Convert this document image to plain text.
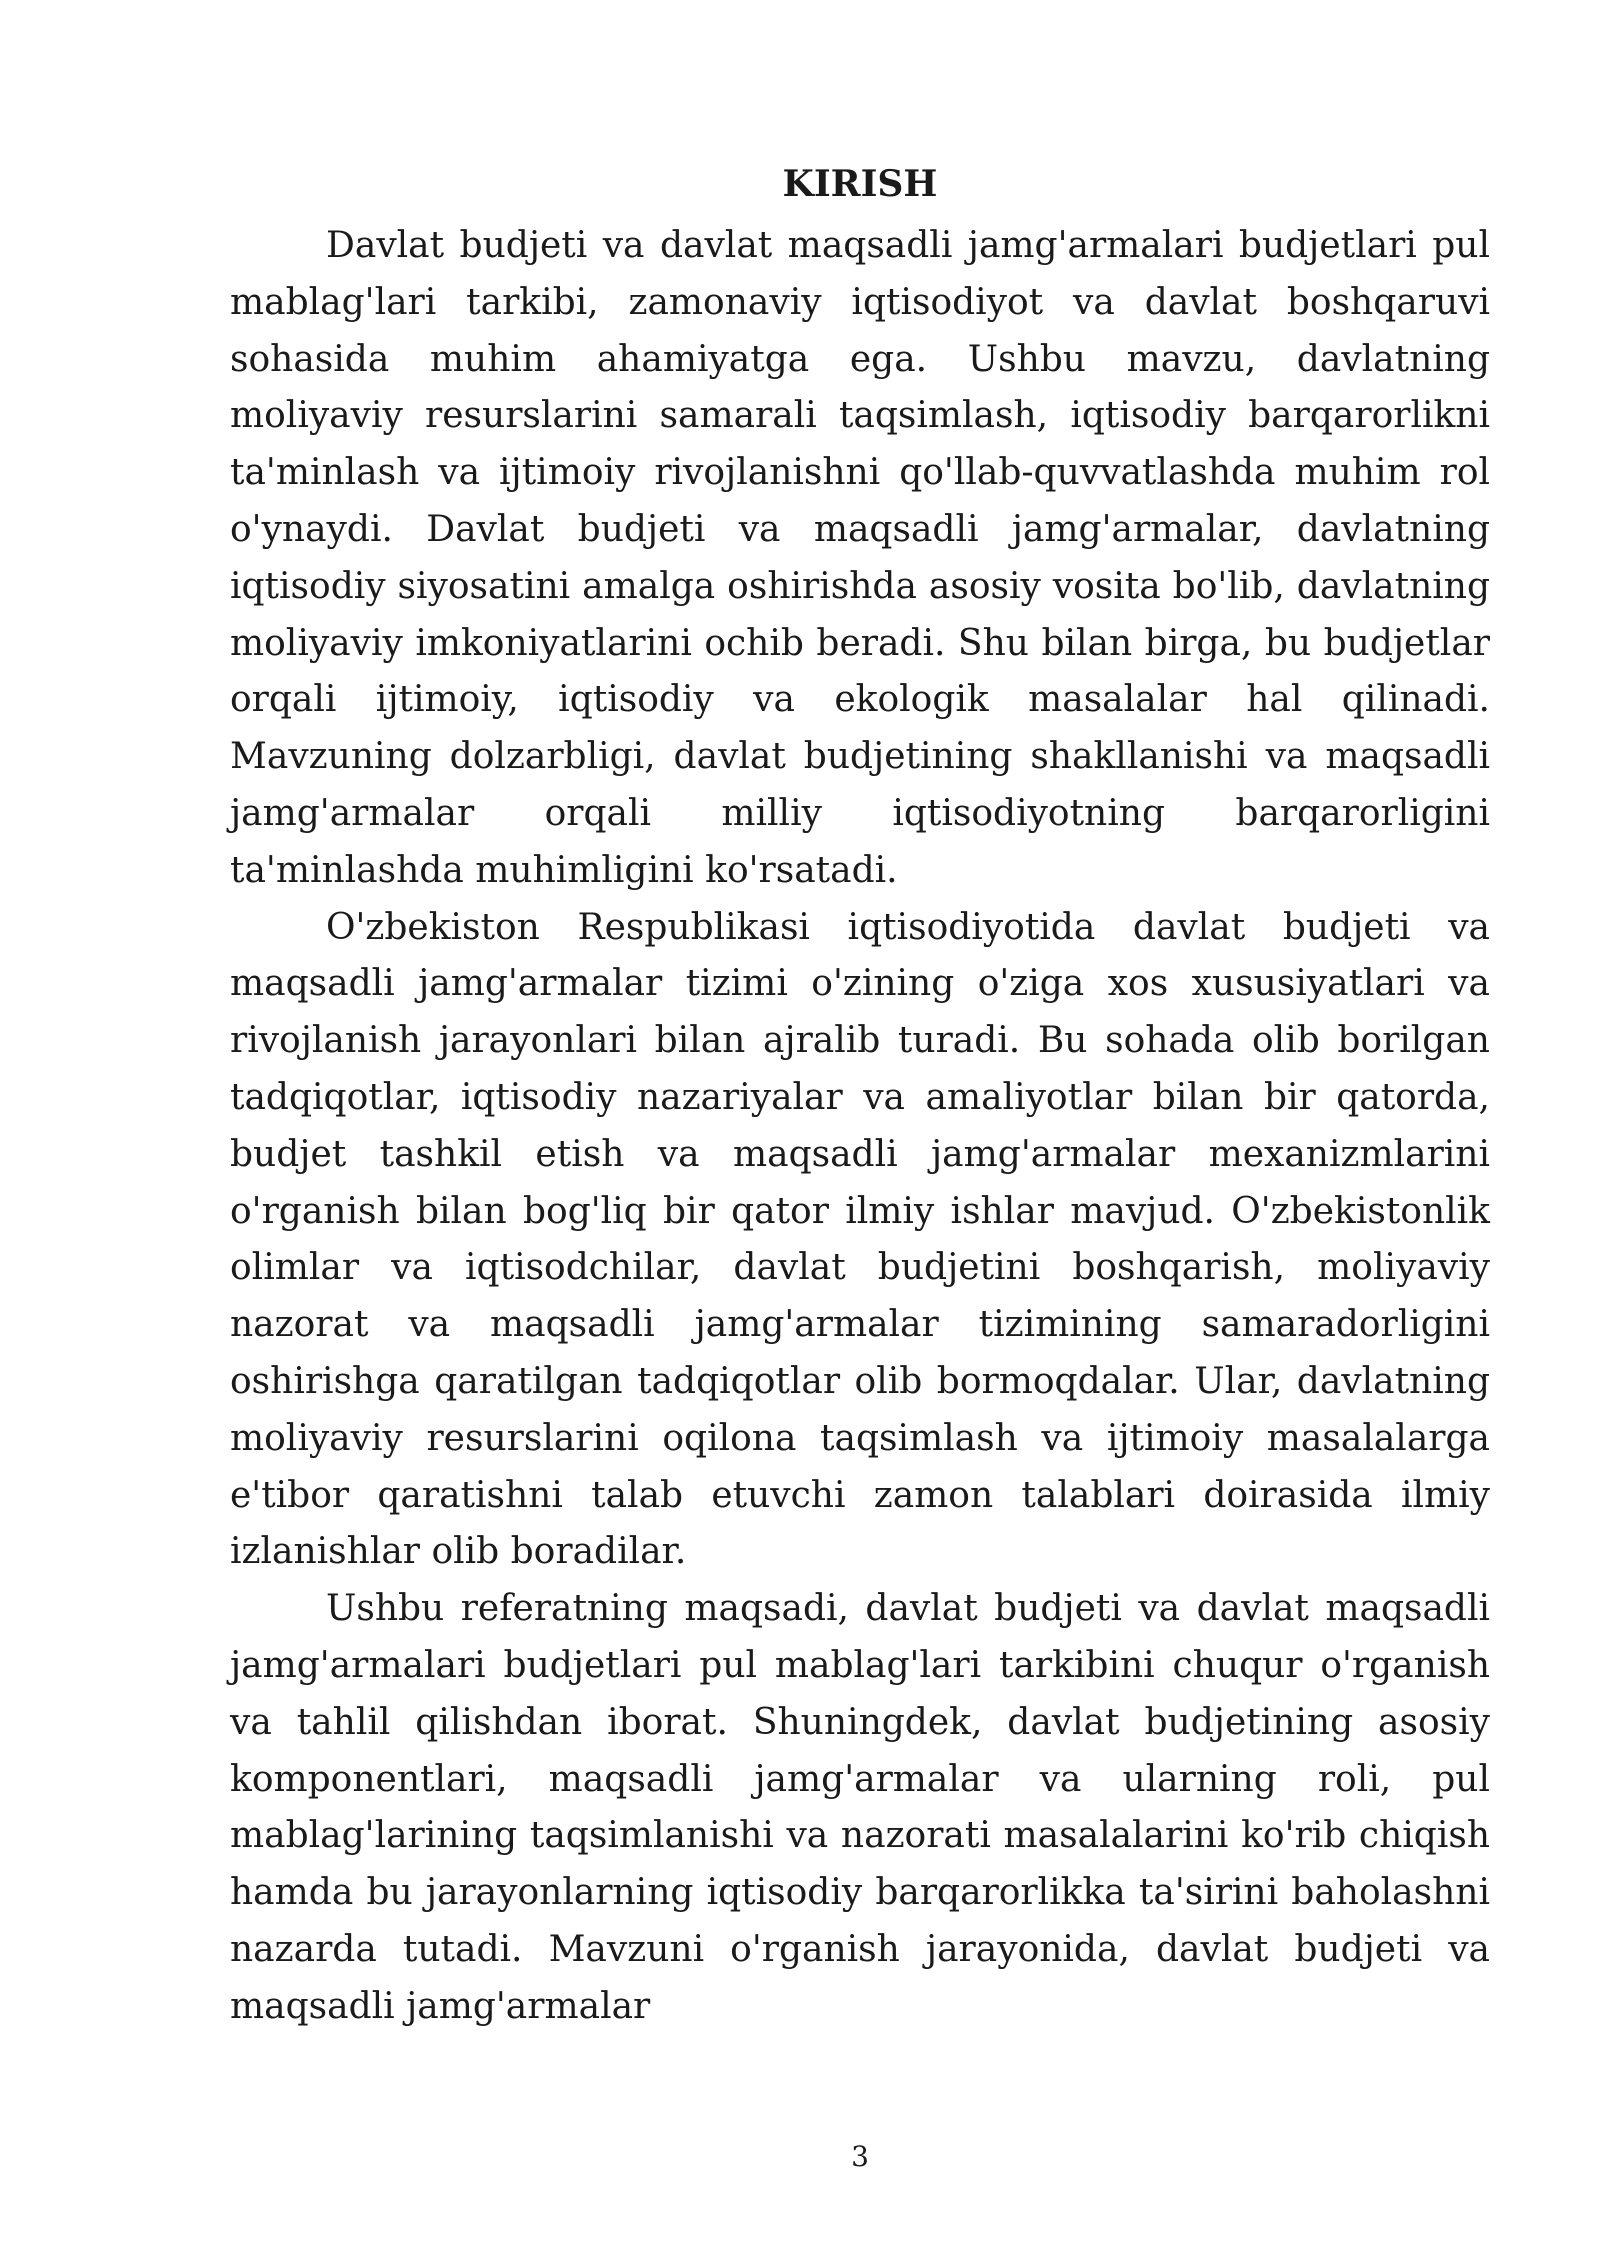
KIRISH

Davlat budjeti va davlat maqsadli jamg'armalari budjetlari pul mablag'lari tarkibi, zamonaviy iqtisodiyot va davlat boshqaruvi sohasida muhim ahamiyatga ega. Ushbu mavzu, davlatning moliyaviy resurslarini samarali taqsimlash, iqtisodiy barqarorlikni ta'minlash va ijtimoiy rivojlanishni qo'llab-quvvatlashda muhim rol o'ynaydi. Davlat budjeti va maqsadli jamg'armalar, davlatning iqtisodiy siyosatini amalga oshirishda asosiy vosita bo'lib, davlatning moliyaviy imkoniyatlarini ochib beradi. Shu bilan birga, bu budjetlar orqali ijtimoiy, iqtisodiy va ekologik masalalar hal qilinadi. Mavzuning dolzarbligi, davlat budjetining shakllanishi va maqsadli jamg'armalar orqali milliy iqtisodiyotning barqarorligini ta'minlashda muhimligini ko'rsatadi.

O'zbekiston Respublikasi iqtisodiyotida davlat budjeti va maqsadli jamg'armalar tizimi o'zining o'ziga xos xususiyatlari va rivojlanish jarayonlari bilan ajralib turadi. Bu sohada olib borilgan tadqiqotlar, iqtisodiy nazariyalar va amaliyotlar bilan bir qatorda, budjet tashkil etish va maqsadli jamg'armalar mexanizmlarini o'rganish bilan bog'liq bir qator ilmiy ishlar mavjud. O'zbekistonlik olimlar va iqtisodchilar, davlat budjetini boshqarish, moliyaviy nazorat va maqsadli jamg'armalar tizimining samaradorligini oshirishga qaratilgan tadqiqotlar olib bormoqdalar. Ular, davlatning moliyaviy resurslarini oqilona taqsimlash va ijtimoiy masalalarga e'tibor qaratishni talab etuvchi zamon talablari doirasida ilmiy izlanishlar olib boradilar.

Ushbu referatning maqsadi, davlat budjeti va davlat maqsadli jamg'armalari budjetlari pul mablag'lari tarkibini chuqur o'rganish va tahlil qilishdan iborat. Shuningdek, davlat budjetining asosiy komponentlari, maqsadli jamg'armalar va ularning roli, pul mablag'larining taqsimlanishi va nazorati masalalarini ko'rib chiqish hamda bu jarayonlarning iqtisodiy barqarorlikka ta'sirini baholashni nazarda tutadi. Mavzuni o'rganish jarayonida, davlat budjeti va maqsadli jamg'armalar

3
